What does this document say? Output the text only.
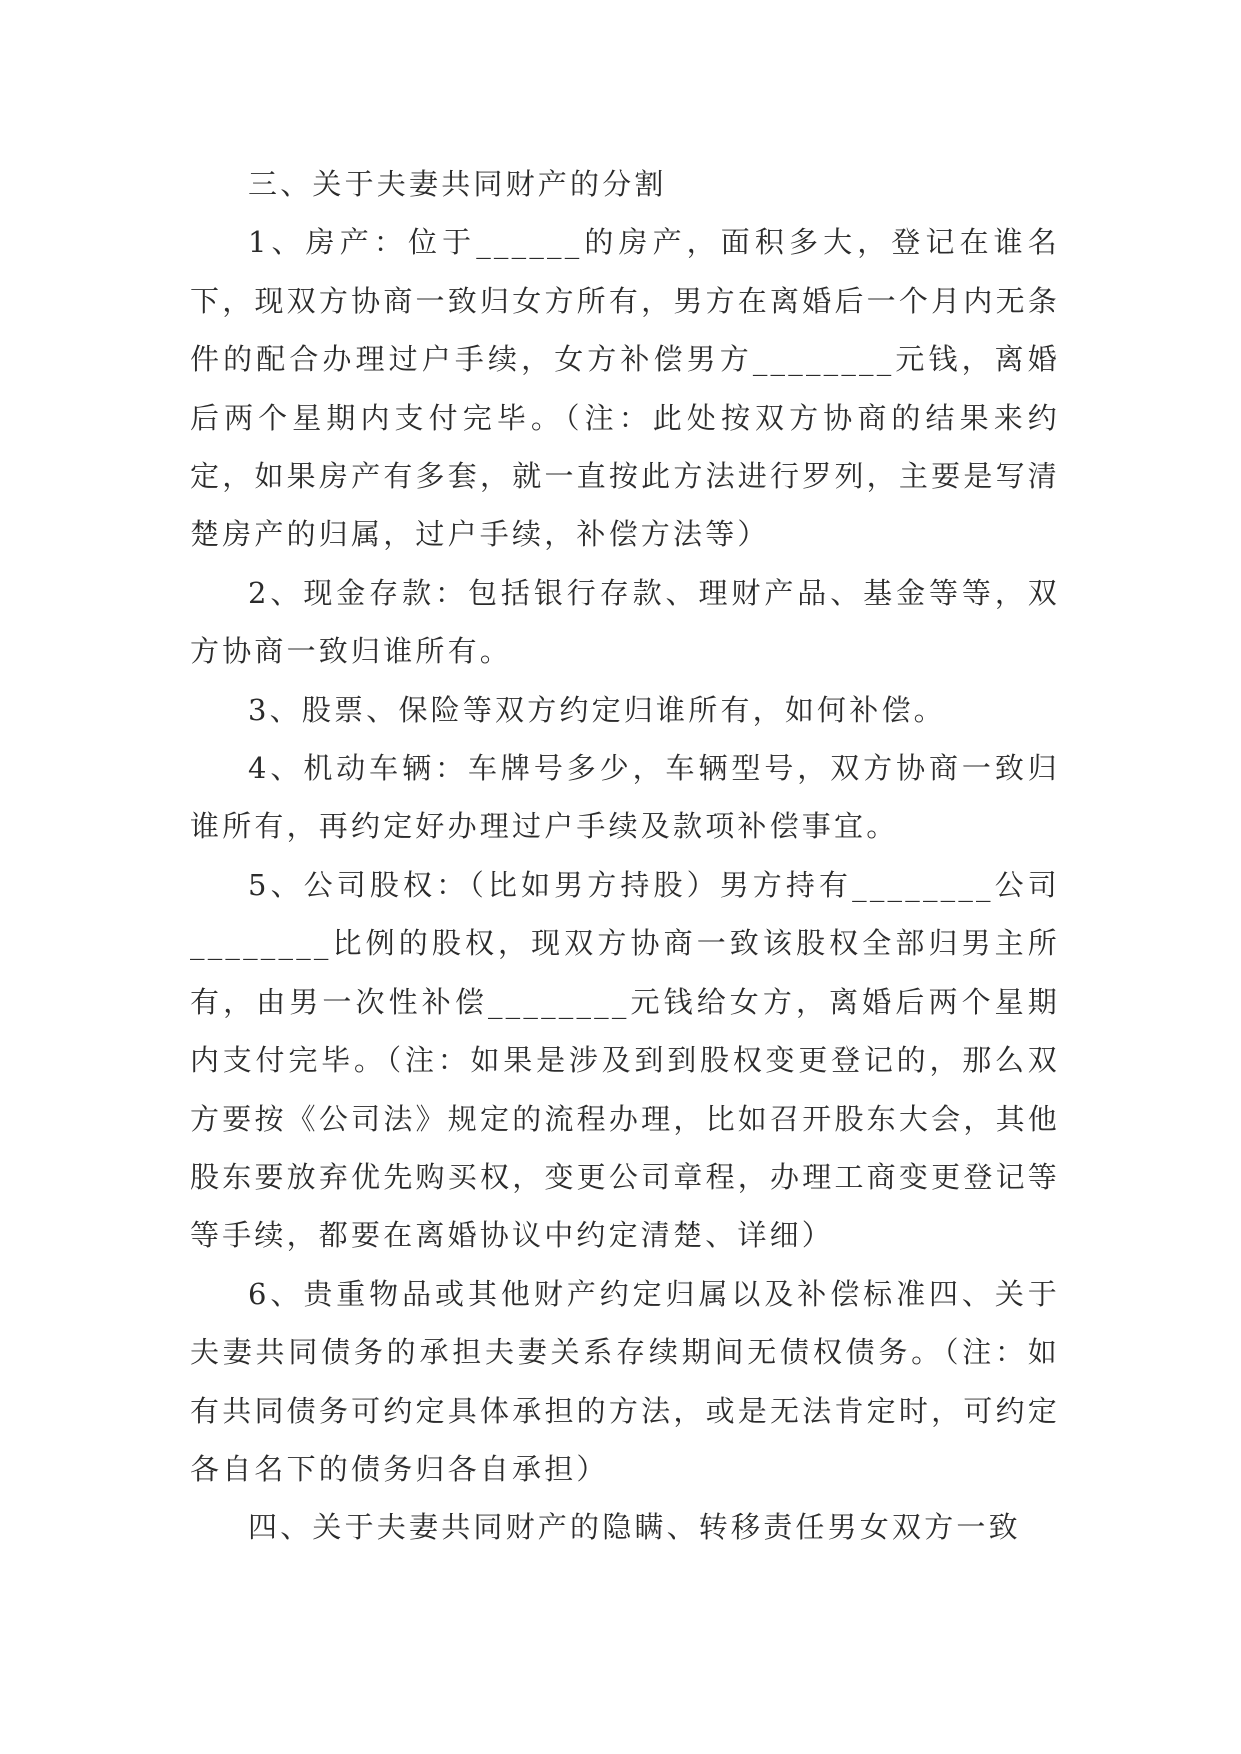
三、关于夫妻共同财产的分割

1、房产：位于______的房产，面积多大，登记在谁名下，现双方协商一致归女方所有，男方在离婚后一个月内无条件的配合办理过户手续，女方补偿男方________元钱，离婚后两个星期内支付完毕。（注：此处按双方协商的结果来约定，如果房产有多套，就一直按此方法进行罗列，主要是写清楚房产的归属，过户手续，补偿方法等）

2、现金存款：包括银行存款、理财产品、基金等等，双方协商一致归谁所有。

3、股票、保险等双方约定归谁所有，如何补偿。

4、机动车辆：车牌号多少，车辆型号，双方协商一致归谁所有，再约定好办理过户手续及款项补偿事宜。

5、公司股权：（比如男方持股）男方持有________公司________比例的股权，现双方协商一致该股权全部归男主所有，由男一次性补偿________元钱给女方，离婚后两个星期内支付完毕。（注：如果是涉及到到股权变更登记的，那么双方要按《公司法》规定的流程办理，比如召开股东大会，其他股东要放弃优先购买权，变更公司章程，办理工商变更登记等等手续，都要在离婚协议中约定清楚、详细）

6、贵重物品或其他财产约定归属以及补偿标准四、关于夫妻共同债务的承担夫妻关系存续期间无债权债务。（注：如有共同债务可约定具体承担的方法，或是无法肯定时，可约定各自名下的债务归各自承担）

四、关于夫妻共同财产的隐瞒、转移责任男女双方一致
